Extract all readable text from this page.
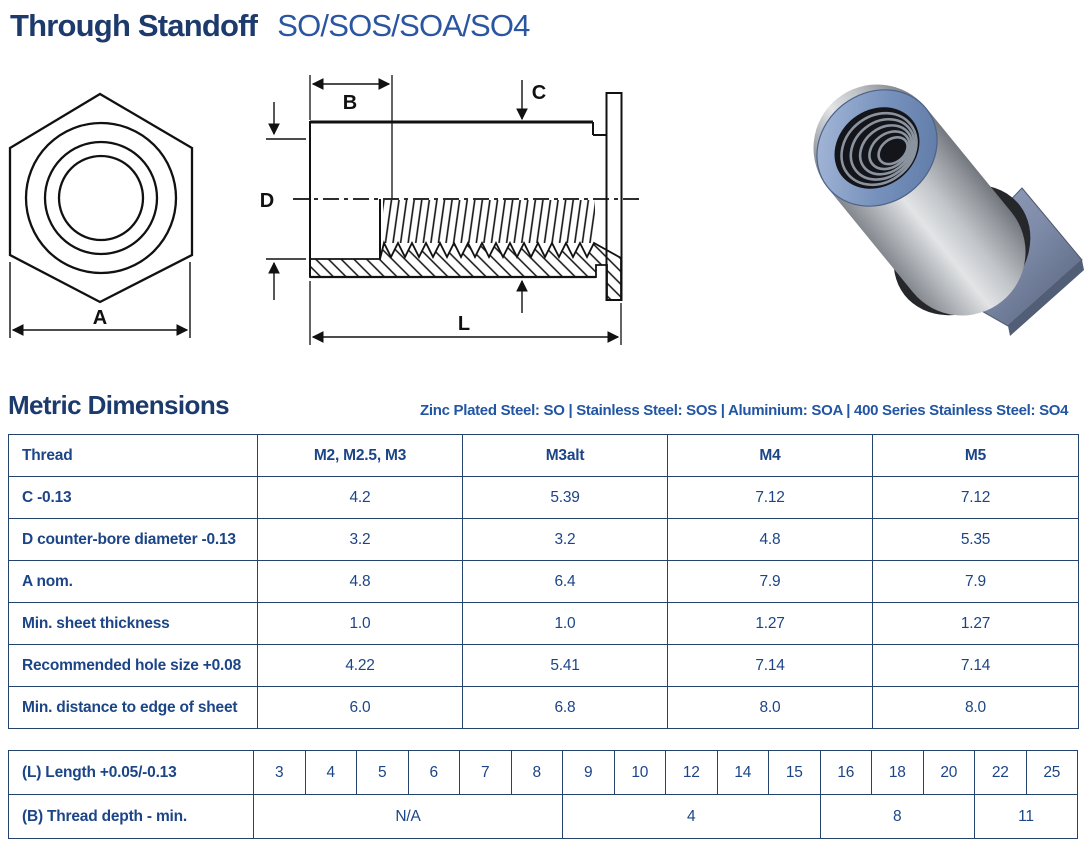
Through Standoff SO/SOS/SOA/SO4
A
B	C
D
L
Metric Dimensions	Zinc Plated Steel: SO | Stainless Steel: SOS | Aluminium: SOA | 400 Series Stainless Steel: SO4
Thread	M2, M2.5, M3	M3alt	M4	M5
C -0.13	4.2	5.39	7.12	7.12
D counter-bore diameter -0.13	3.2	3.2	4.8	5.35
A nom.	4.8	6.4	7.9	7.9
Min. sheet thickness	1.0	1.0	1.27	1.27
Recommended hole size +0.08	4.22	5.41	7.14	7.14
Min. distance to edge of sheet	6.0	6.8	8.0	8.0
(L) Length +0.05/-0.13	3	4	5	6	7	8	9	10	12	14	15	16	18	20	22	25
(B) Thread depth - min.	N/A						4					8			11	
